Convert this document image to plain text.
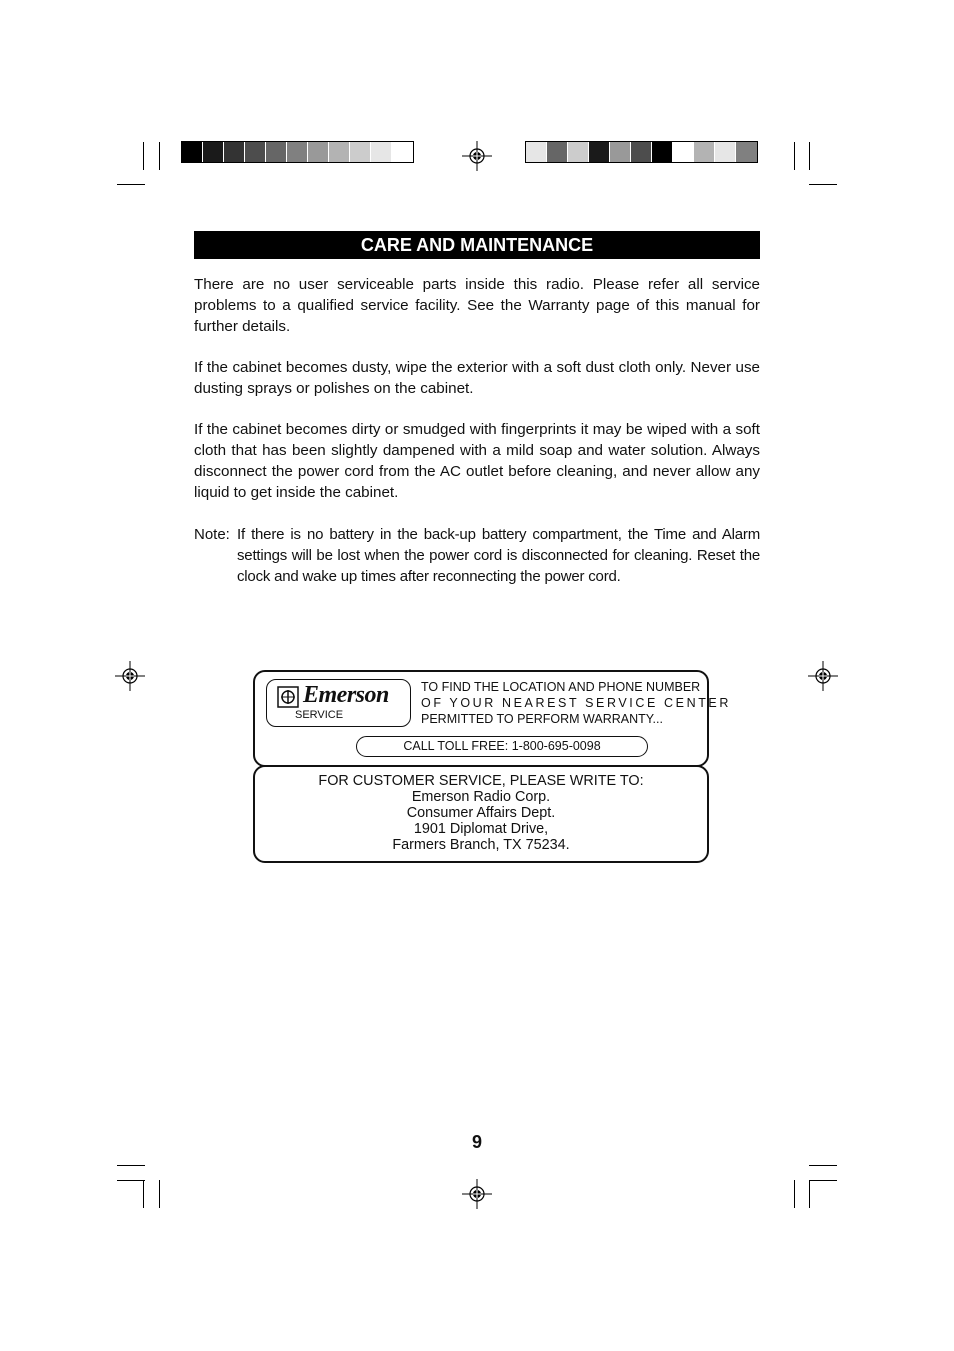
CARE AND MAINTENANCE

There are no user serviceable parts inside this radio. Please refer all service problems to a qualified service facility. See the Warranty page of this manual for further details.

If the cabinet becomes dusty, wipe the exterior with a soft dust cloth only. Never use dusting sprays or polishes on the cabinet.

If the cabinet becomes dirty or smudged with fingerprints it may be wiped with a soft cloth that has been slightly dampened with a mild soap and water solution. Always disconnect the power cord from the AC outlet before cleaning, and never allow any liquid to get inside the cabinet.

Note: If there is no battery in the back-up battery compartment, the Time and Alarm settings will be lost when the power cord is disconnected for cleaning. Reset the clock and wake up times after reconnecting the power cord.
Emerson
SERVICE
TO FIND THE LOCATION AND PHONE NUMBER
OF YOUR NEAREST SERVICE CENTER
PERMITTED TO PERFORM WARRANTY...
CALL TOLL FREE: 1-800-695-0098
FOR CUSTOMER SERVICE, PLEASE WRITE TO:
Emerson Radio Corp.
Consumer Affairs Dept.
1901 Diplomat Drive,
Farmers Branch, TX 75234.
9
